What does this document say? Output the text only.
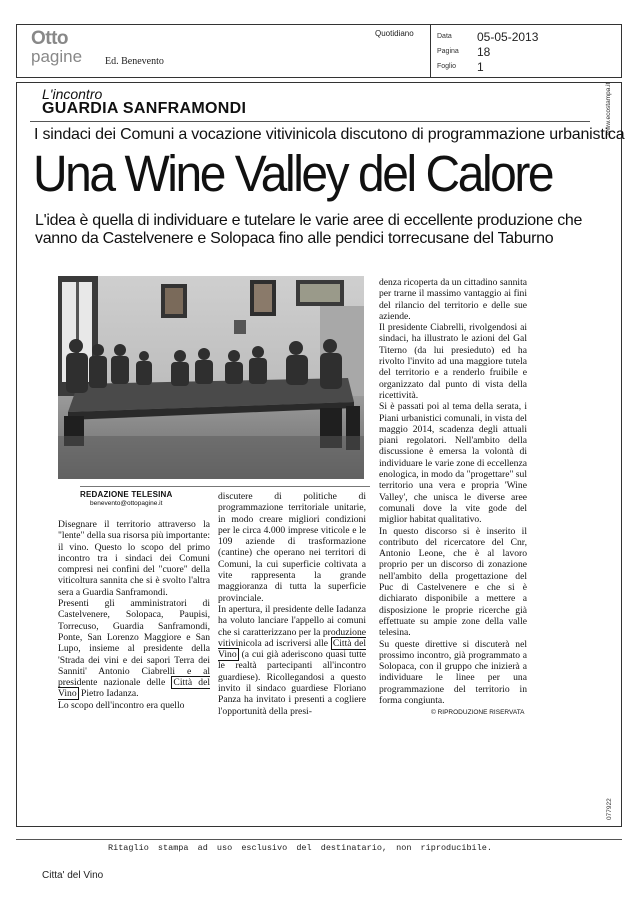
Otto
pagine Ed. Benevento
Quotidiano	Data	05-05-2013
Pagina	18
Foglio	1
www.ecostampa.it
077922
L'incontro
GUARDIA SANFRAMONDI
I sindaci dei Comuni a vocazione vitivinicola discutono di programmazione urbanistica
Una Wine Valley del Calore
L'idea è quella di individuare e tutelare le varie aree di eccellente produzione che vanno da Castelvenere e Solopaca fino alle pendici torrecusane del Taburno
REDAZIONE TELESINA
benevento@ottopagine.it

Disegnare il territorio attraverso la "lente" della sua risorsa più importante: il vino. Questo lo scopo del primo incontro tra i sindaci dei Comuni compresi nei confini del "cuore" della viticoltura sannita che si è svolto l'altra sera a Guardia Sanframondi.

Presenti gli amministratori di Castelvenere, Solopaca, Paupisi, Torrecuso, Guardia Sanframondi, Ponte, San Lorenzo Maggiore e San Lupo, insieme al presidente della 'Strada dei vini e dei sapori Terra dei Sanniti' Antonio Ciabrelli e al presidente nazionale delle Città del Vino Pietro Iadanza.

Lo scopo dell'incontro era quello

discutere di politiche di programmazione territoriale unitarie, in modo creare migliori condizioni per le circa 4.000 imprese viticole e le 109 aziende di trasformazione (cantine) che operano nei territori di Comuni, la cui superficie coltivata a vite rappresenta la grande maggioranza di tutta la superficie provinciale.

In apertura, il presidente delle Iadanza ha voluto lanciare l'appello ai comuni che si caratterizzano per la produzione vitivinicola ad iscriversi alle Città del Vino (a cui già aderiscono quasi tutte le realtà partecipanti all'incontro guardiese). Ricollegandosi a questo invito il sindaco guardiese Floriano Panza ha invitato i presenti a cogliere l'opportunità della presi-

denza ricoperta da un cittadino sannita per trarne il massimo vantaggio ai fini del rilancio del territorio e delle sue aziende.

Il presidente Ciabrelli, rivolgendosi ai sindaci, ha illustrato le azioni del Gal Titerno (da lui presieduto) ed ha rivolto l'invito ad una maggiore tutela del territorio e a renderlo fruibile e organizzato dal punto di vista della ricettività.

Si è passati poi al tema della serata, i Piani urbanistici comunali, in vista del maggio 2014, scadenza degli attuali piani regolatori. Nell'ambito della discussione è emersa la volontà di individuare le varie zone di eccellenza enologica, in modo da "progettare" sul territorio una vera e propria 'Wine Valley', che unisca le diverse aree comunali dove la vite gode del miglior habitat qualitativo.

In questo discorso si è inserito il contributo del ricercatore del Cnr, Antonio Leone, che è al lavoro proprio per un discorso di zonazione nell'ambito della progettazione del Puc di Castelvenere e che si è dichiarato disponibile a mettere a disposizione le proprie ricerche già effettuate su ampie zone della valle telesina.

Su queste direttive si discuterà nel prossimo incontro, già programmato a Solopaca, con il gruppo che inizierà a individuare le linee per una programmazione del territorio in forma congiunta.

© RIPRODUZIONE RISERVATA
Ritaglio stampa ad uso esclusivo del destinatario, non riproducibile.
Citta' del Vino
